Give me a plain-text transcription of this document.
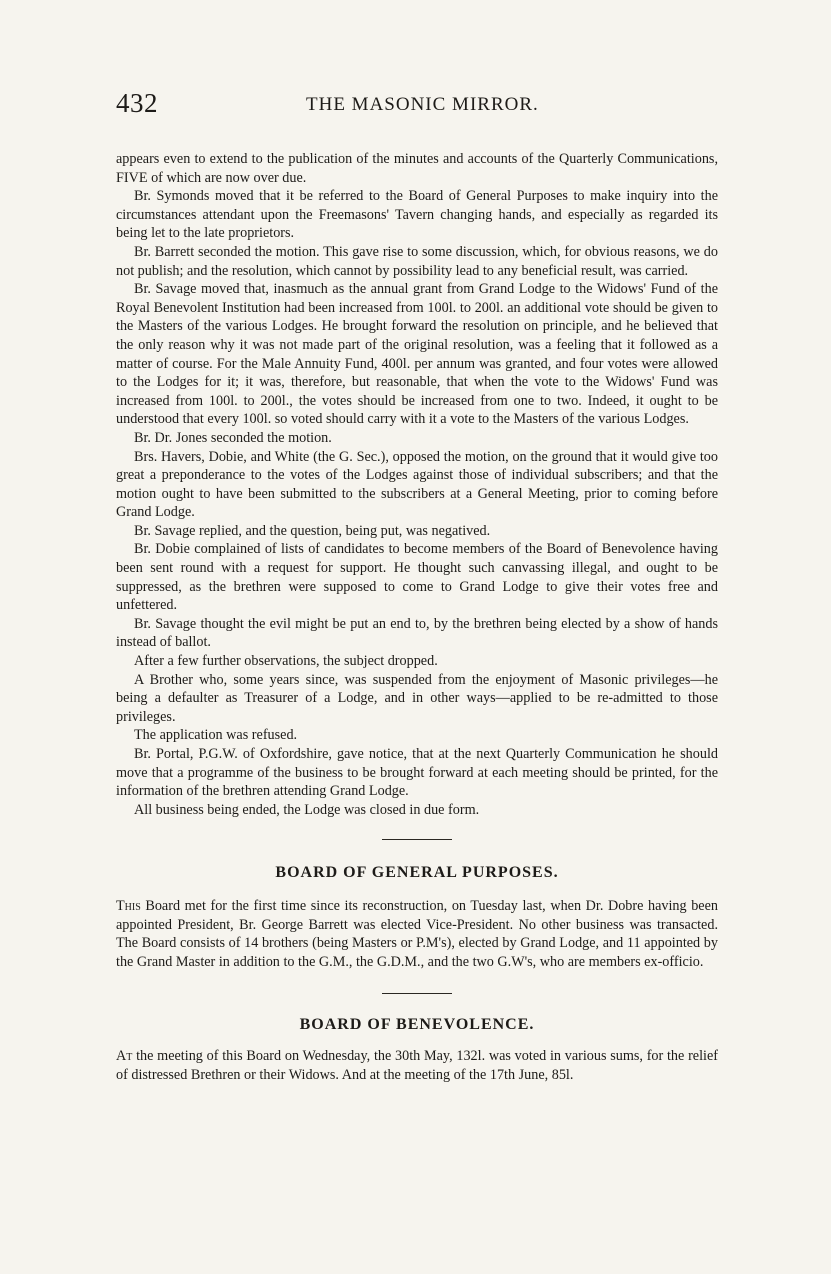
432	THE MASONIC MIRROR.

appears even to extend to the publication of the minutes and accounts of the Quarterly Communications, FIVE of which are now over due.

Br. Symonds moved that it be referred to the Board of General Purposes to make inquiry into the circumstances attendant upon the Freemasons' Tavern changing hands, and especially as regarded its being let to the late proprietors.

Br. Barrett seconded the motion. This gave rise to some discussion, which, for obvious reasons, we do not publish; and the resolution, which cannot by possibility lead to any beneficial result, was carried.

Br. Savage moved that, inasmuch as the annual grant from Grand Lodge to the Widows' Fund of the Royal Benevolent Institution had been increased from 100l. to 200l. an additional vote should be given to the Masters of the various Lodges. He brought forward the resolution on principle, and he believed that the only reason why it was not made part of the original resolution, was a feeling that it followed as a matter of course. For the Male Annuity Fund, 400l. per annum was granted, and four votes were allowed to the Lodges for it; it was, therefore, but reasonable, that when the vote to the Widows' Fund was increased from 100l. to 200l., the votes should be increased from one to two. Indeed, it ought to be understood that every 100l. so voted should carry with it a vote to the Masters of the various Lodges.

Br. Dr. Jones seconded the motion.

Brs. Havers, Dobie, and White (the G. Sec.), opposed the motion, on the ground that it would give too great a preponderance to the votes of the Lodges against those of individual subscribers; and that the motion ought to have been submitted to the subscribers at a General Meeting, prior to coming before Grand Lodge.

Br. Savage replied, and the question, being put, was negatived.

Br. Dobie complained of lists of candidates to become members of the Board of Benevolence having been sent round with a request for support. He thought such canvassing illegal, and ought to be suppressed, as the brethren were supposed to come to Grand Lodge to give their votes free and unfettered.

Br. Savage thought the evil might be put an end to, by the brethren being elected by a show of hands instead of ballot.

After a few further observations, the subject dropped.

A Brother who, some years since, was suspended from the enjoyment of Masonic privileges—he being a defaulter as Treasurer of a Lodge, and in other ways—applied to be re-admitted to those privileges.

The application was refused.

Br. Portal, P.G.W. of Oxfordshire, gave notice, that at the next Quarterly Communication he should move that a programme of the business to be brought forward at each meeting should be printed, for the information of the brethren attending Grand Lodge.

All business being ended, the Lodge was closed in due form.

BOARD OF GENERAL PURPOSES.

This Board met for the first time since its reconstruction, on Tuesday last, when Dr. Dobre having been appointed President, Br. George Barrett was elected Vice-President. No other business was transacted. The Board consists of 14 brothers (being Masters or P.M's), elected by Grand Lodge, and 11 appointed by the Grand Master in addition to the G.M., the G.D.M., and the two G.W's, who are members ex-officio.

BOARD OF BENEVOLENCE.

At the meeting of this Board on Wednesday, the 30th May, 132l. was voted in various sums, for the relief of distressed Brethren or their Widows. And at the meeting of the 17th June, 85l.
